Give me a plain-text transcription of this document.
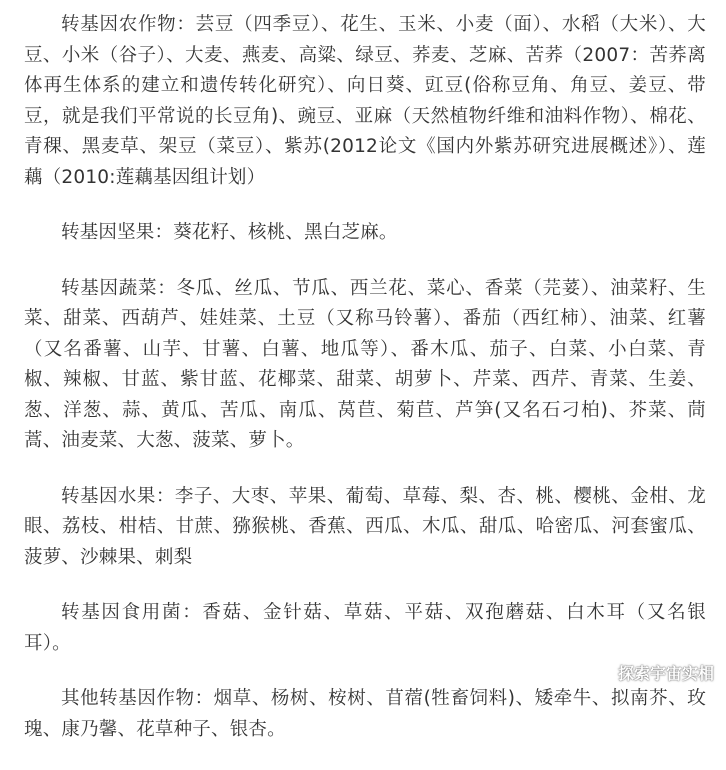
转基因农作物：芸豆（四季豆）、花生、玉米、小麦（面）、水稻（大米）、大豆、小米（谷子）、大麦、燕麦、高粱、绿豆、荞麦、芝麻、苦荞（2007：苦荞离体再生体系的建立和遗传转化研究）、向日葵、豇豆(俗称豆角、角豆、姜豆、带豆，就是我们平常说的长豆角)、豌豆、亚麻（天然植物纤维和油料作物）、棉花、青稞、黑麦草、架豆（菜豆）、紫苏(2012论文《国内外紫苏研究进展概述》）、莲藕（2010:莲藕基因组计划）

转基因坚果：葵花籽、核桃、黑白芝麻。

转基因蔬菜：冬瓜、丝瓜、节瓜、西兰花、菜心、香菜（芫荽）、油菜籽、生菜、甜菜、西葫芦、娃娃菜、土豆（又称马铃薯）、番茄（西红柿）、油菜、红薯（又名番薯、山芋、甘薯、白薯、地瓜等）、番木瓜、茄子、白菜、小白菜、青椒、辣椒、甘蓝、紫甘蓝、花椰菜、甜菜、胡萝卜、芹菜、西芹、青菜、生姜、葱、洋葱、蒜、黄瓜、苦瓜、南瓜、莴苣、菊苣、芦笋(又名石刁柏)、芥菜、茼蒿、油麦菜、大葱、菠菜、萝卜。

转基因水果：李子、大枣、苹果、葡萄、草莓、梨、杏、桃、樱桃、金柑、龙眼、荔枝、柑桔、甘蔗、猕猴桃、香蕉、西瓜、木瓜、甜瓜、哈密瓜、河套蜜瓜、菠萝、沙棘果、刺梨

转基因食用菌：香菇、金针菇、草菇、平菇、双孢蘑菇、白木耳（又名银耳）。

其他转基因作物：烟草、杨树、桉树、苜蓿(牲畜饲料)、矮牵牛、拟南芥、玫瑰、康乃馨、花草种子、银杏。

探索宇宙实相
